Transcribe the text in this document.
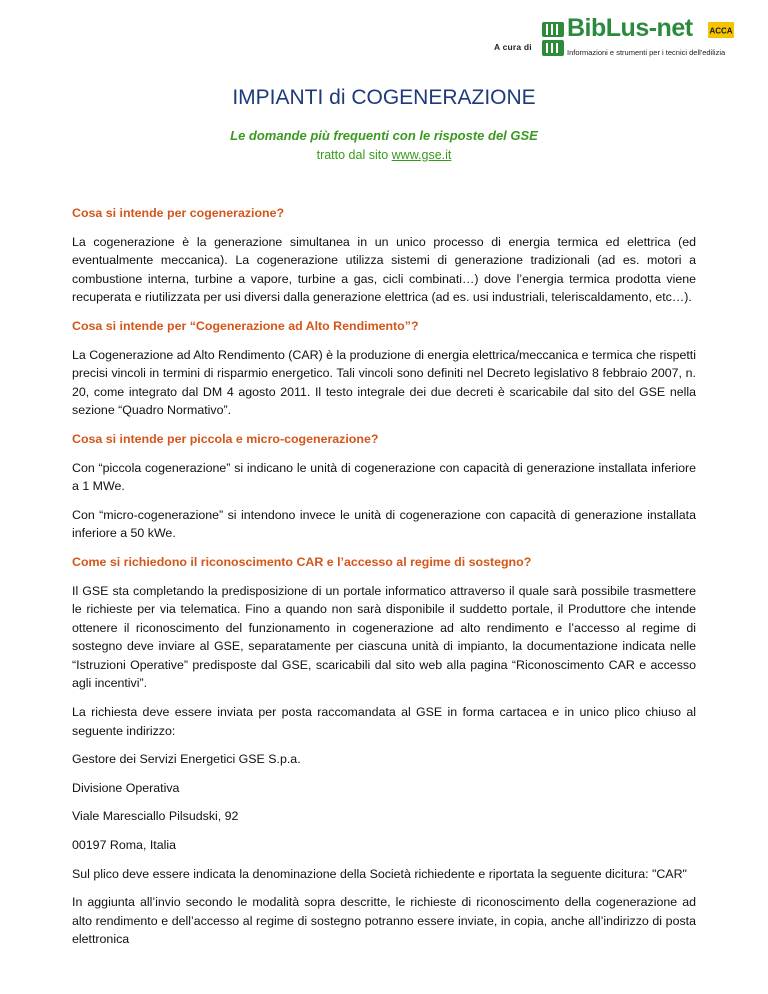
A cura di
BibLus-net
Informazioni e strumenti per i tecnici dell'edilizia
ACCA
IMPIANTI di COGENERAZIONE
Le domande più frequenti con le risposte del GSE
tratto dal sito www.gse.it
Cosa si intende per cogenerazione?

La cogenerazione è la generazione simultanea in un unico processo di energia termica ed elettrica (ed eventualmente meccanica). La cogenerazione utilizza sistemi di generazione tradizionali (ad es. motori a combustione interna, turbine a vapore, turbine a gas, cicli combinati…) dove l’energia termica prodotta viene recuperata e riutilizzata per usi diversi dalla generazione elettrica (ad es. usi industriali, teleriscaldamento, etc…).

Cosa si intende per “Cogenerazione ad Alto Rendimento”?

La Cogenerazione ad Alto Rendimento (CAR) è la produzione di energia elettrica/meccanica e termica che rispetti precisi vincoli in termini di risparmio energetico. Tali vincoli sono definiti nel Decreto legislativo 8 febbraio 2007, n. 20, come integrato dal DM 4 agosto 2011. Il testo integrale dei due decreti è scaricabile dal sito del GSE nella sezione “Quadro Normativo”.

Cosa si intende per piccola e micro-cogenerazione?

Con “piccola cogenerazione” si indicano le unità di cogenerazione con capacità di generazione installata inferiore a 1 MWe.

Con “micro-cogenerazione” si intendono invece le unità di cogenerazione con capacità di generazione installata inferiore a 50 kWe.

Come si richiedono il riconoscimento CAR e l’accesso al regime di sostegno?

Il GSE sta completando la predisposizione di un portale informatico attraverso il quale sarà possibile trasmettere le richieste per via telematica. Fino a quando non sarà disponibile il suddetto portale, il Produttore che intende ottenere il riconoscimento del funzionamento in cogenerazione ad alto rendimento e l’accesso al regime di sostegno deve inviare al GSE, separatamente per ciascuna unità di impianto, la documentazione indicata nelle “Istruzioni Operative” predisposte dal GSE, scaricabili dal sito web alla pagina “Riconoscimento CAR e accesso agli incentivi”.

La richiesta deve essere inviata per posta raccomandata al GSE in forma cartacea e in unico plico chiuso al seguente indirizzo:

Gestore dei Servizi Energetici GSE S.p.a.

Divisione Operativa

Viale Maresciallo Pilsudski, 92

00197 Roma, Italia

Sul plico deve essere indicata la denominazione della Società richiedente e riportata la seguente dicitura: "CAR"

In aggiunta all’invio secondo le modalità sopra descritte, le richieste di riconoscimento della cogenerazione ad alto rendimento e dell’accesso al regime di sostegno potranno essere inviate, in copia, anche all’indirizzo di posta elettronica
